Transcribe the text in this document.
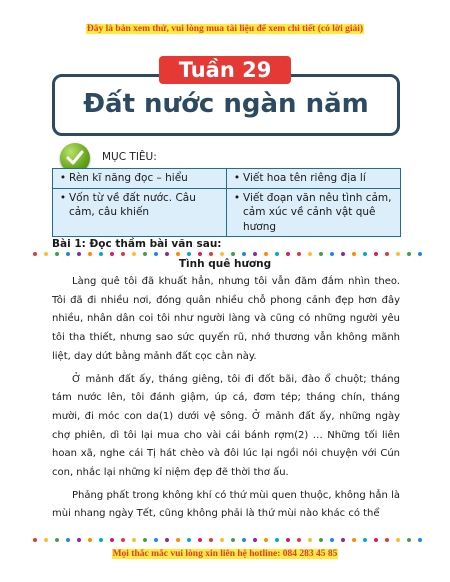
Đây là bản xem thử, vui lòng mua tài liệu để xem chi tiết (có lời giải)
Tuần 29
Đất nước ngàn năm
MỤC TIÊU:
• Rèn kĩ năng đọc – hiểu	• Viết hoa tên riêng địa lí

• Vốn từ về đất nước. Câu cảm, câu khiến	• Viết đoạn văn nêu tình cảm, cảm xúc về cảnh vật quê hương
Bài 1: Đọc thầm bài văn sau:
Tình quê hương

Làng quê tôi đã khuất hẳn, nhưng tôi vẫn đăm đắm nhìn theo. Tôi đã đi nhiều nơi, đóng quân nhiều chỗ phong cảnh đẹp hơn đây nhiều, nhân dân coi tôi như người làng và cũng có những người yêu tôi tha thiết, nhưng sao sức quyến rũ, nhớ thương vẫn không mãnh liệt, day dứt bằng mảnh đất cọc cằn này.

Ở mảnh đất ấy, tháng giêng, tôi đi đốt bãi, đào ổ chuột; tháng tám nước lên, tôi đánh giậm, úp cá, đơm tép; tháng chín, tháng mười, đi móc con da(1) dưới vệ sông. Ở mảnh đất ấy, những ngày chợ phiên, dì tôi lại mua cho vài cái bánh rợm(2) … Những tối liên hoan xã, nghe cái Tị hát chèo và đôi lúc lại ngồi nói chuyện với Cún con, nhắc lại những kỉ niệm đẹp đẽ thời thơ ấu.

Phảng phất trong không khí có thứ mùi quen thuộc, không hẳn là mùi nhang ngày Tết, cũng không phải là thứ mùi nào khác có thể

Mọi thắc mắc vui lòng xin liên hệ hotline: 084 283 45 85
